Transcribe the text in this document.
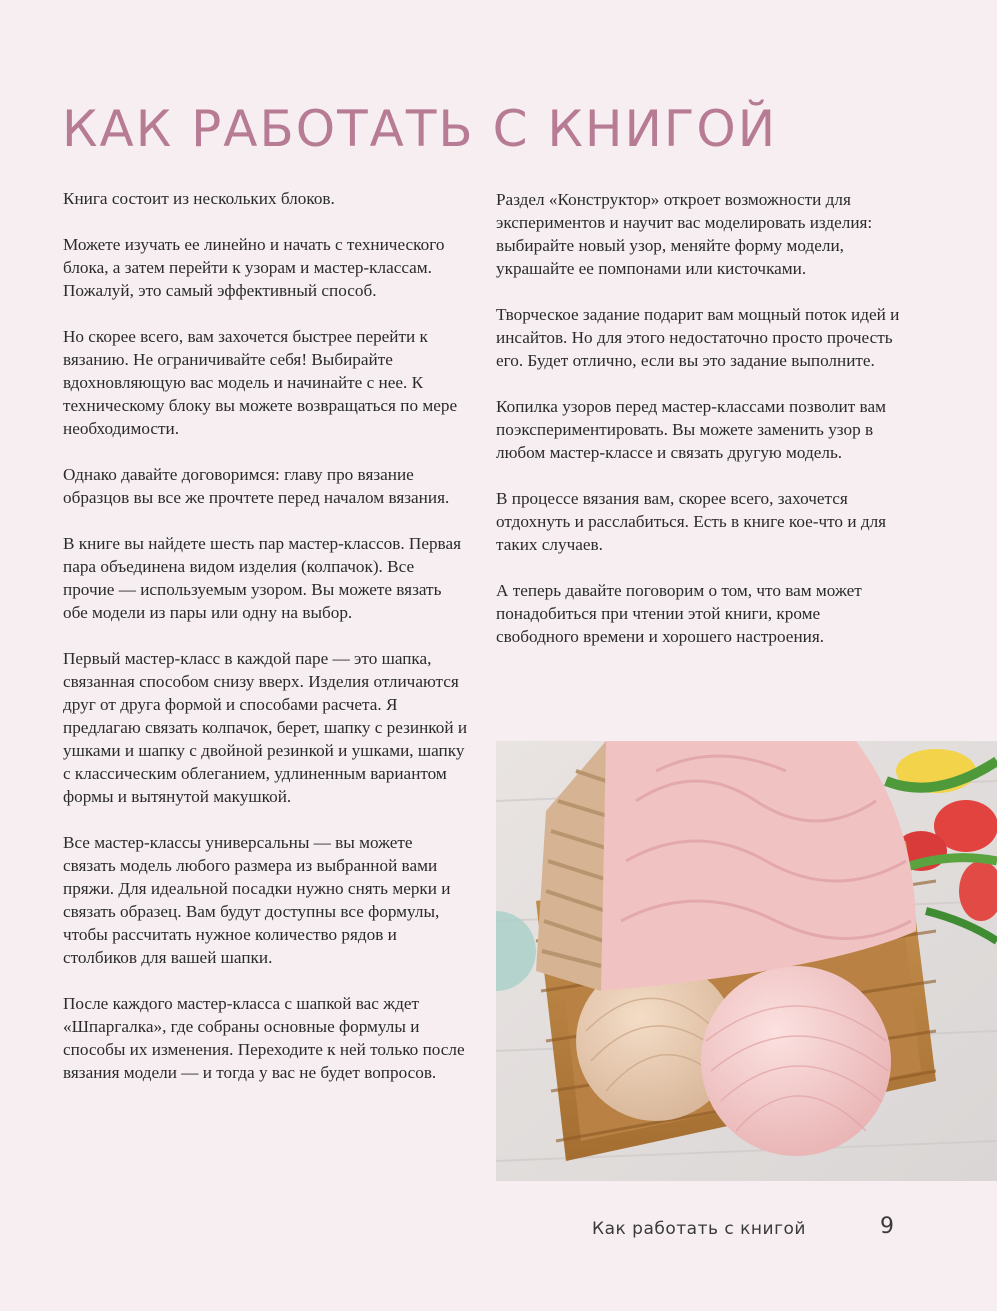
КАК РАБОТАТЬ С КНИГОЙ

Книга состоит из нескольких блоков.

Можете изучать ее линейно и начать с технического блока, а затем перейти к узорам и мастер-классам. Пожалуй, это самый эффективный способ.

Но скорее всего, вам захочется быстрее перейти к вязанию. Не ограничивайте себя! Выбирайте вдохновляющую вас модель и начинайте с нее. К техническому блоку вы можете возвращаться по мере необходимости.

Однако давайте договоримся: главу про вязание образцов вы все же прочтете перед началом вязания.

В книге вы найдете шесть пар мастер-классов. Первая пара объединена видом изделия (колпачок). Все прочие — используемым узором. Вы можете вязать обе модели из пары или одну на выбор.

Первый мастер-класс в каждой паре — это шапка, связанная способом снизу вверх. Изделия отличаются друг от друга формой и способами расчета. Я предлагаю связать колпачок, берет, шапку с резинкой и ушками и шапку с двойной резинкой и ушками, шапку с классическим облеганием, удлиненным вариантом формы и вытянутой макушкой.

Все мастер-классы универсальны — вы можете связать модель любого размера из выбранной вами пряжи. Для идеальной посадки нужно снять мерки и связать образец. Вам будут доступны все формулы, чтобы рассчитать нужное количество рядов и столбиков для вашей шапки.

После каждого мастер-класса с шапкой вас ждет «Шпаргалка», где собраны основные формулы и способы их изменения. Переходите к ней только после вязания модели — и тогда у вас не будет вопросов.

Раздел «Конструктор» откроет возможности для экспериментов и научит вас моделировать изделия: выбирайте новый узор, меняйте форму модели, украшайте ее помпонами или кисточками.

Творческое задание подарит вам мощный поток идей и инсайтов. Но для этого недостаточно просто прочесть его. Будет отлично, если вы это задание выполните.

Копилка узоров перед мастер-классами позволит вам поэкспериментировать. Вы можете заменить узор в любом мастер-классе и связать другую модель.

В процессе вязания вам, скорее всего, захочется отдохнуть и расслабиться. Есть в книге кое-что и для таких случаев.

А теперь давайте поговорим о том, что вам может понадобиться при чтении этой книги, кроме свободного времени и хорошего настроения.

Как работать с книгой	9
